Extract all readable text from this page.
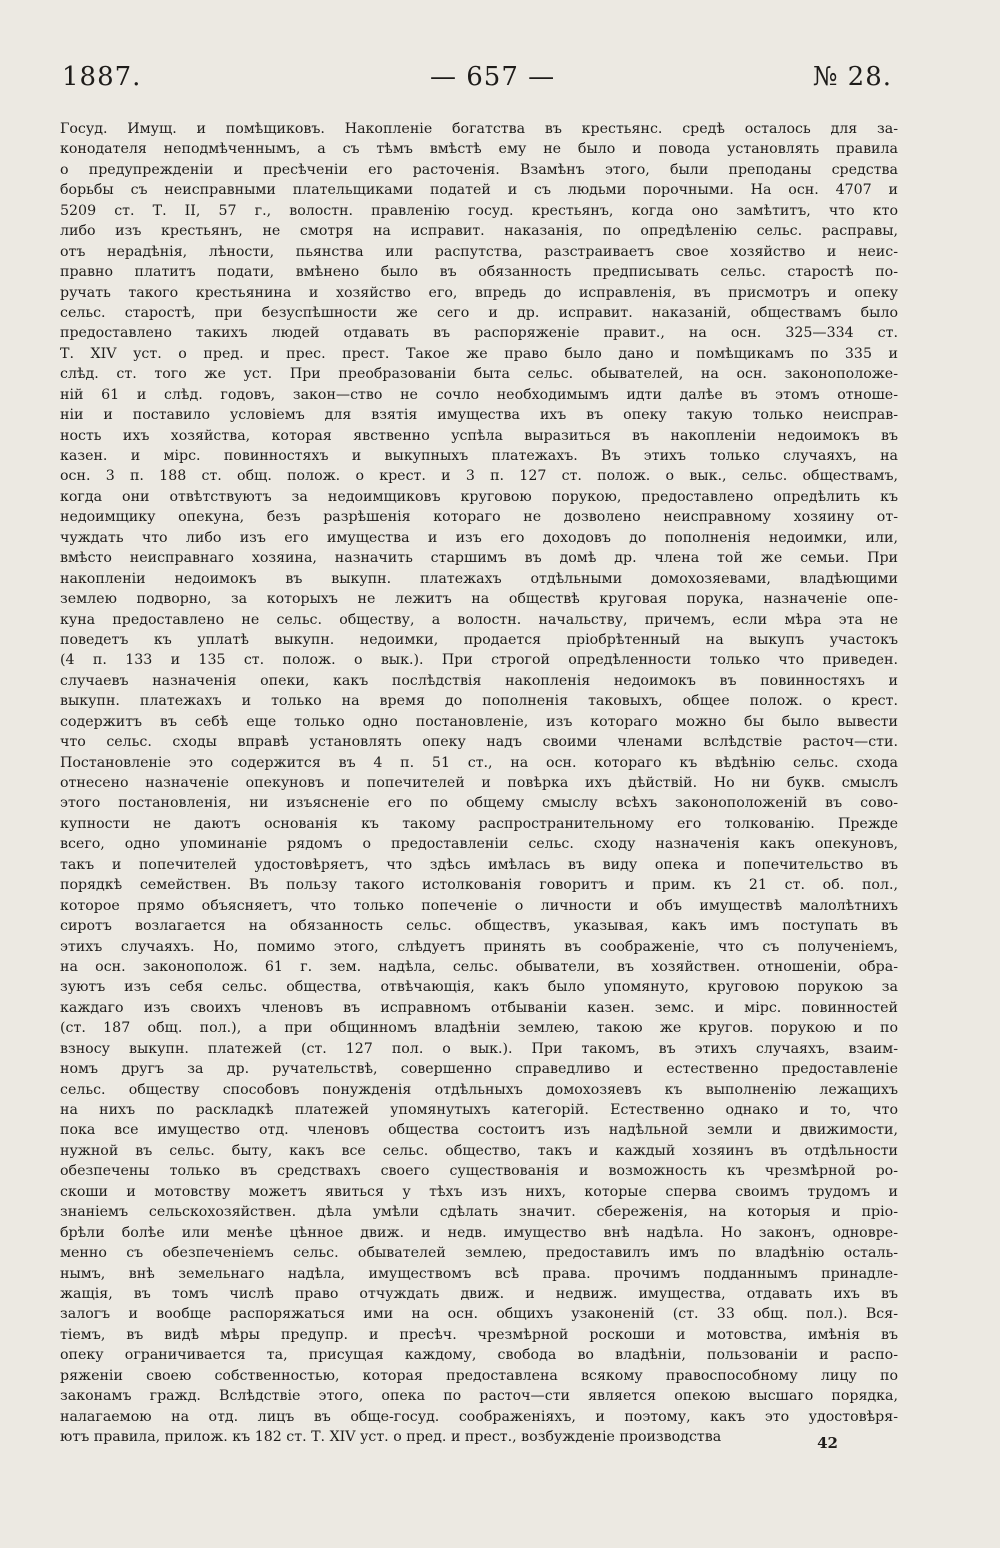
1887.	— 657 —	№ 28.
Госуд. Имущ. и помѣщиковъ. Накопленіе богатства въ крестьянс. средѣ осталось для за-
конодателя неподмѣченнымъ, а съ тѣмъ вмѣстѣ ему не было и повода установлять правила
о предупрежденіи и пресѣченіи его расточенія. Взамѣнъ этого, были преподаны средства
борьбы съ неисправными плательщиками податей и съ людьми порочными. На осн. 4707 и
5209 ст. Т. II, 57 г., волостн. правленію госуд. крестьянъ, когда оно замѣтитъ, что кто
либо изъ крестьянъ, не смотря на исправит. наказанія, по опредѣленію сельс. расправы,
отъ нерадѣнія, лѣности, пьянства или распутства, разстраиваетъ свое хозяйство и неис-
правно платитъ подати, вмѣнено было въ обязанность предписывать сельс. старостѣ по-
ручать такого крестьянина и хозяйство его, впредь до исправленія, въ присмотръ и опеку
сельс. старостѣ, при безуспѣшности же сего и др. исправит. наказаній, обществамъ было
предоставлено такихъ людей отдавать въ распоряженіе правит., на осн. 325—334 ст.
Т. XIV уст. о пред. и прес. прест. Такое же право было дано и помѣщикамъ по 335 и
слѣд. ст. того же уст. При преобразованіи быта сельс. обывателей, на осн. законоположе-
ній 61 и слѣд. годовъ, закон—ство не сочло необходимымъ идти далѣе въ этомъ отноше-
ніи и поставило условіемъ для взятія имущества ихъ въ опеку такую только неисправ-
ность ихъ хозяйства, которая явственно успѣла выразиться въ накопленіи недоимокъ въ
казен. и мірс. повинностяхъ и выкупныхъ платежахъ. Въ этихъ только случаяхъ, на
осн. 3 п. 188 ст. общ. полож. о крест. и 3 п. 127 ст. полож. о вык., сельс. обществамъ,
когда они отвѣтствуютъ за недоимщиковъ круговою порукою, предоставлено опредѣлить къ
недоимщику опекуна, безъ разрѣшенія котораго не дозволено неисправному хозяину от-
чуждать что либо изъ его имущества и изъ его доходовъ до пополненія недоимки, или,
вмѣсто неисправнаго хозяина, назначить старшимъ въ домѣ др. члена той же семьи. При
накопленіи недоимокъ въ выкупн. платежахъ отдѣльными домохозяевами, владѣющими
землею подворно, за которыхъ не лежитъ на обществѣ круговая порука, назначеніе опе-
куна предоставлено не сельс. обществу, а волостн. начальству, причемъ, если мѣра эта не
поведетъ къ уплатѣ выкупн. недоимки, продается пріобрѣтенный на выкупъ участокъ
(4 п. 133 и 135 ст. полож. о вык.). При строгой опредѣленности только что приведен.
случаевъ назначенія опеки, какъ послѣдствія накопленія недоимокъ въ повинностяхъ и
выкупн. платежахъ и только на время до пополненія таковыхъ, общее полож. о крест.
содержитъ въ себѣ еще только одно постановленіе, изъ котораго можно бы было вывести
что сельс. сходы вправѣ установлять опеку надъ своими членами вслѣдствіе расточ—сти.
Постановленіе это содержится въ 4 п. 51 ст., на осн. котораго къ вѣдѣнію сельс. схода
отнесено назначеніе опекуновъ и попечителей и повѣрка ихъ дѣйствій. Но ни букв. смыслъ
этого постановленія, ни изъясненіе его по общему смыслу всѣхъ законоположеній въ сово-
купности не даютъ основанія къ такому распространительному его толкованію. Прежде
всего, одно упоминаніе рядомъ о предоставленіи сельс. сходу назначенія какъ опекуновъ,
такъ и попечителей удостовѣряетъ, что здѣсь имѣлась въ виду опека и попечительство въ
порядкѣ семействен. Въ пользу такого истолкованія говоритъ и прим. къ 21 ст. об. пол.,
которое прямо объясняетъ, что только попеченіе о личности и объ имуществѣ малолѣтнихъ
сиротъ возлагается на обязанность сельс. обществъ, указывая, какъ имъ поступать въ
этихъ случаяхъ. Но, помимо этого, слѣдуетъ принять въ соображеніе, что съ полученіемъ,
на осн. законополож. 61 г. зем. надѣла, сельс. обыватели, въ хозяйствен. отношеніи, обра-
зуютъ изъ себя сельс. общества, отвѣчающія, какъ было упомянуто, круговою порукою за
каждаго изъ своихъ членовъ въ исправномъ отбываніи казен. земс. и мірс. повинностей
(ст. 187 общ. пол.), а при общинномъ владѣніи землею, такою же кругов. порукою и по
взносу выкупн. платежей (ст. 127 пол. о вык.). При такомъ, въ этихъ случаяхъ, взаим-
номъ другъ за др. ручательствѣ, совершенно справедливо и естественно предоставленіе
сельс. обществу способовъ понужденія отдѣльныхъ домохозяевъ къ выполненію лежащихъ
на нихъ по раскладкѣ платежей упомянутыхъ категорій. Естественно однако и то, что
пока все имущество отд. членовъ общества состоитъ изъ надѣльной земли и движимости,
нужной въ сельс. быту, какъ все сельс. общество, такъ и каждый хозяинъ въ отдѣльности
обезпечены только въ средствахъ своего существованія и возможность къ чрезмѣрной ро-
скоши и мотовству можетъ явиться у тѣхъ изъ нихъ, которые сперва своимъ трудомъ и
знаніемъ сельскохозяйствен. дѣла умѣли сдѣлать значит. сбереженія, на которыя и пріо-
брѣли болѣе или менѣе цѣнное движ. и недв. имущество внѣ надѣла. Но законъ, одновре-
менно съ обезпеченіемъ сельс. обывателей землею, предоставилъ имъ по владѣнію осталь-
нымъ, внѣ земельнаго надѣла, имуществомъ всѣ права. прочимъ подданнымъ принадле-
жащія, въ томъ числѣ право отчуждать движ. и недвиж. имущества, отдавать ихъ въ
залогъ и вообще распоряжаться ими на осн. общихъ узаконеній (ст. 33 общ. пол.). Вся-
тіемъ, въ видѣ мѣры предупр. и пресѣч. чрезмѣрной роскоши и мотовства, имѣнія въ
опеку ограничивается та, присущая каждому, свобода во владѣніи, пользованіи и распо-
ряженіи своею собственностью, которая предоставлена всякому правоспособному лицу по
законамъ гражд. Вслѣдствіе этого, опека по расточ—сти является опекою высшаго порядка,
налагаемою на отд. лицъ въ обще-госуд. соображеніяхъ, и поэтому, какъ это удостовѣря-
ютъ правила, прилож. къ 182 ст. Т. XIV уст. о пред. и прест., возбужденіе производства	42
